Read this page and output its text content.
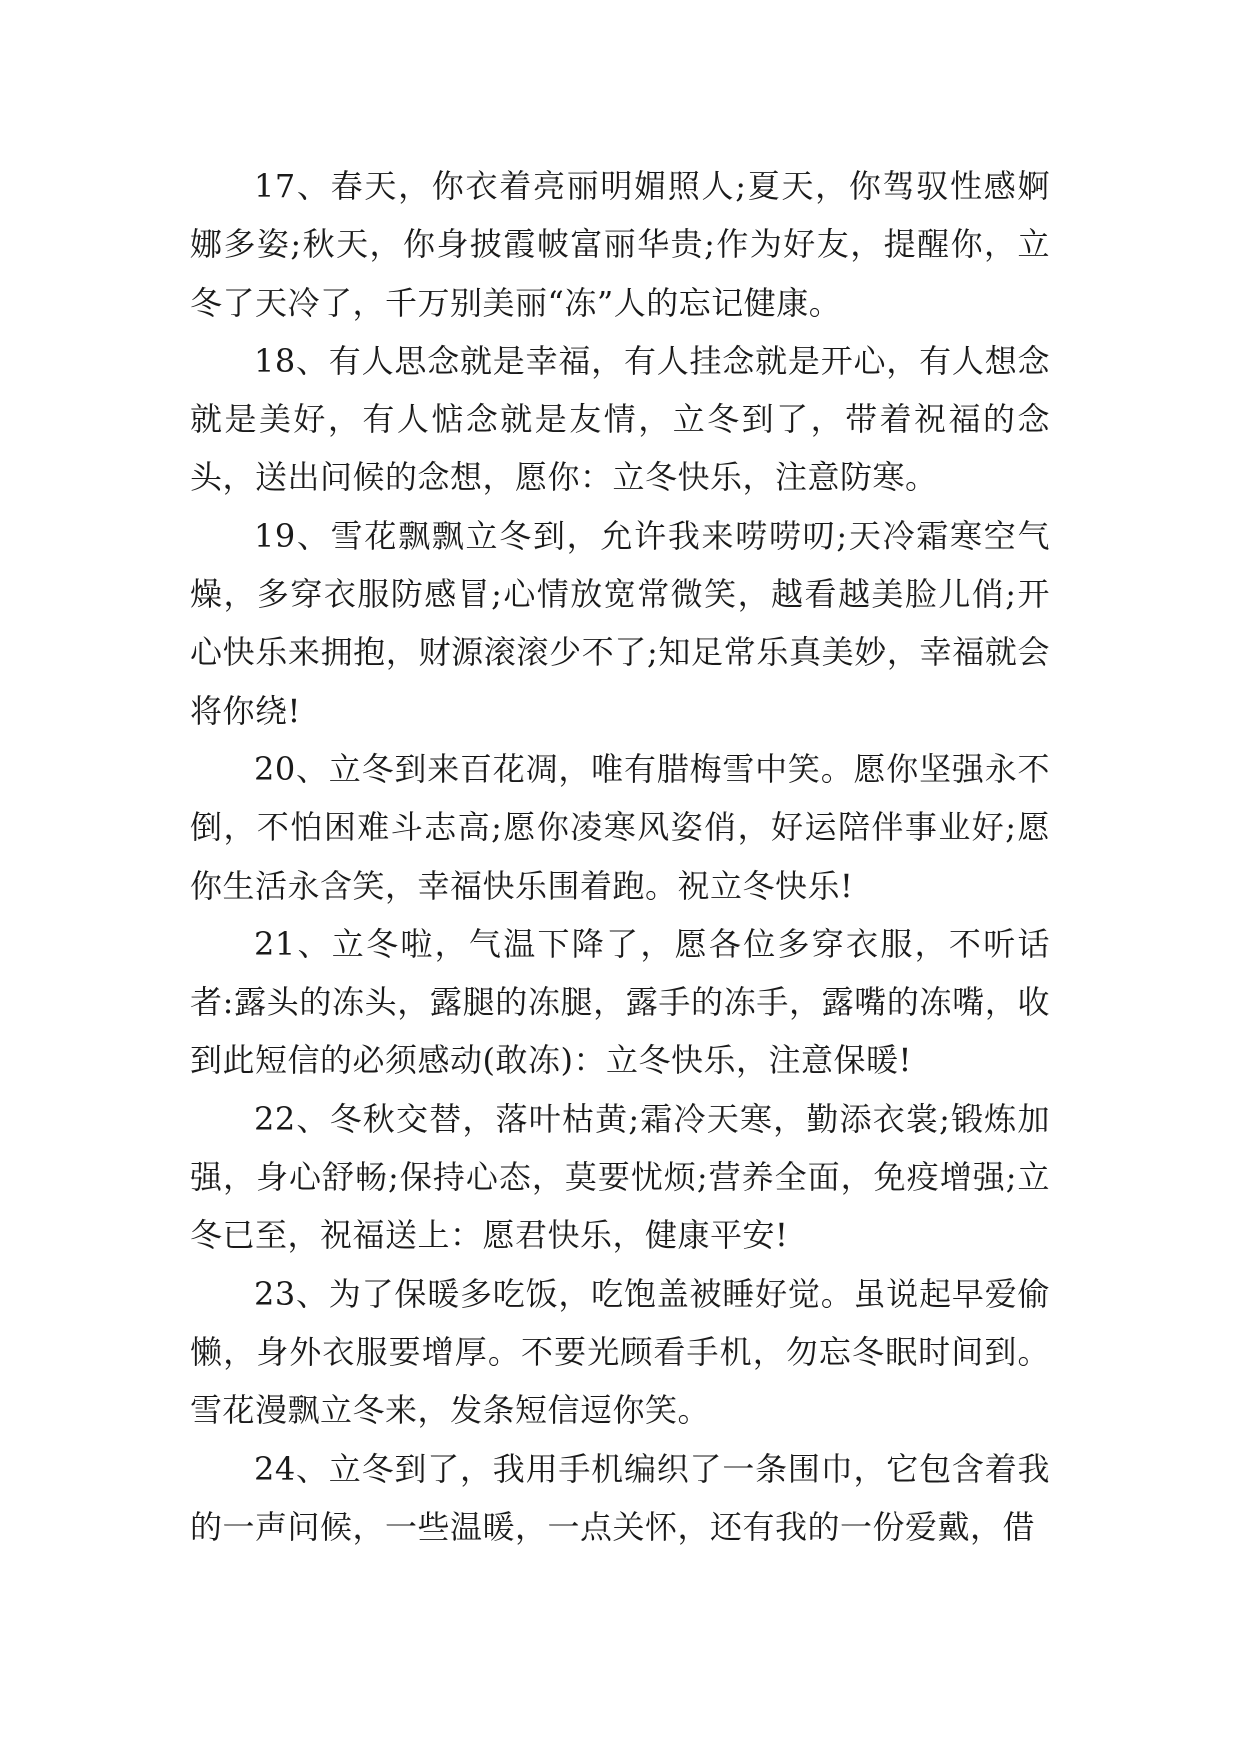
17、春天，你衣着亮丽明媚照人;夏天，你驾驭性感婀娜多姿;秋天，你身披霞帔富丽华贵;作为好友，提醒你，立冬了天冷了，千万别美丽“冻”人的忘记健康。

18、有人思念就是幸福，有人挂念就是开心，有人想念就是美好，有人惦念就是友情，立冬到了，带着祝福的念头，送出问候的念想，愿你：立冬快乐，注意防寒。

19、雪花飘飘立冬到，允许我来唠唠叨;天冷霜寒空气燥，多穿衣服防感冒;心情放宽常微笑，越看越美脸儿俏;开心快乐来拥抱，财源滚滚少不了;知足常乐真美妙，幸福就会将你绕!

20、立冬到来百花凋，唯有腊梅雪中笑。愿你坚强永不倒，不怕困难斗志高;愿你凌寒风姿俏，好运陪伴事业好;愿你生活永含笑，幸福快乐围着跑。祝立冬快乐!

21、立冬啦，气温下降了，愿各位多穿衣服，不听话者:露头的冻头，露腿的冻腿，露手的冻手，露嘴的冻嘴，收到此短信的必须感动(敢冻)：立冬快乐，注意保暖!

22、冬秋交替，落叶枯黄;霜冷天寒，勤添衣裳;锻炼加强，身心舒畅;保持心态，莫要忧烦;营养全面，免疫增强;立冬已至，祝福送上：愿君快乐，健康平安!

23、为了保暖多吃饭，吃饱盖被睡好觉。虽说起早爱偷懒，身外衣服要增厚。不要光顾看手机，勿忘冬眠时间到。雪花漫飘立冬来，发条短信逗你笑。

24、立冬到了，我用手机编织了一条围巾，它包含着我的一声问候，一些温暖，一点关怀，还有我的一份爱戴，借
